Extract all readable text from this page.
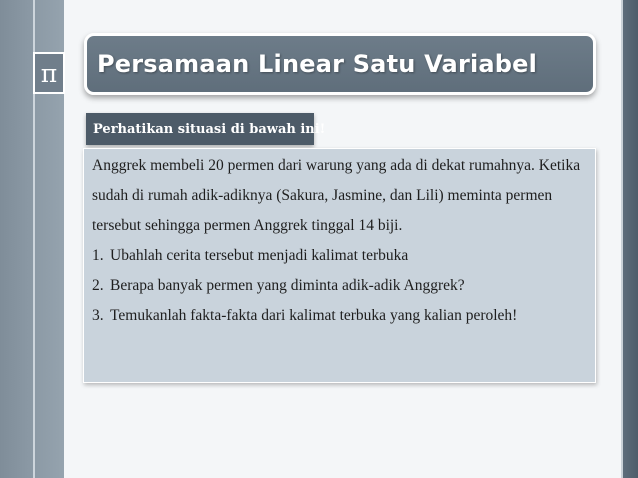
π Persamaan Linear Satu Variabel
Perhatikan situasi di bawah ini!

Anggrek membeli 20 permen dari warung yang ada di dekat rumahnya. Ketika sudah di rumah adik-adiknya (Sakura, Jasmine, dan Lili) meminta permen tersebut sehingga permen Anggrek tinggal 14 biji.

1. Ubahlah cerita tersebut menjadi kalimat terbuka
2. Berapa banyak permen yang diminta adik-adik Anggrek?
3. Temukanlah fakta-fakta dari kalimat terbuka yang kalian peroleh!
